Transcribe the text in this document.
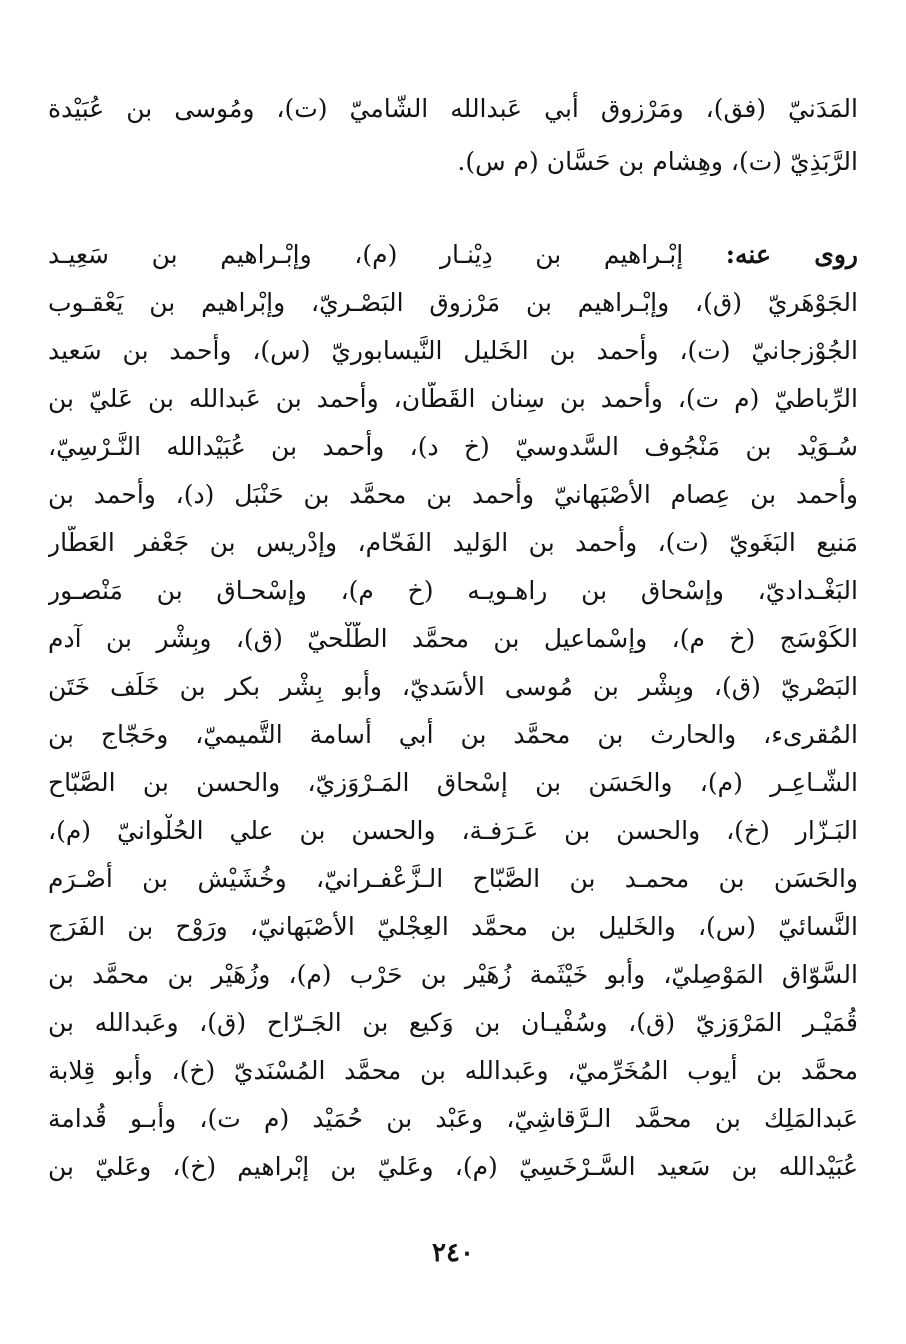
المَدَنيّ (فق)، ومَرْزوق أبي عَبدالله الشّاميّ (ت)، ومُوسى بن عُبَيْدة
الرَّبَذِيّ (ت)، وهِشام بن حَسَّان (م س).
روى عنه: إبْـراهيم بن دِيْنـار (م)، وإبْـراهيم بن سَعِيـد
الجَوْهَريّ (ق)، وإبْـراهيم بن مَرْزوق البَصْـريّ، وإبْراهيم بن يَعْقـوب
الجُوْزجانيّ (ت)، وأحمد بن الخَليل النَّيسابوريّ (س)، وأحمد بن سَعيد
الرِّباطيّ (م ت)، وأحمد بن سِنان القَطّان، وأحمد بن عَبدالله بن عَليّ بن
سُـوَيْد بن مَنْجُوف السَّدوسيّ (خ د)، وأحمد بن عُبَيْدالله النَّـرْسِيّ،
وأحمد بن عِصام الأَصْبَهانيّ وأحمد بن محمَّد بن حَنْبَل (د)، وأحمد بن
مَنيع البَغَويّ (ت)، وأحمد بن الوَليد الفَحّام، وإدْريس بن جَعْفر العَطّار
البَغْـداديّ، وإسْحاق بن راهـويـه (خ م)، وإسْحـاق بن مَنْصـور
الكَوْسَج (خ م)، وإسْماعيل بن محمَّد الطَّلْحيّ (ق)، وبِشْر بن آدم
البَصْريّ (ق)، وبِشْر بن مُوسى الأَسَديّ، وأبو بِشْر بكر بن خَلَف خَتَن
المُقرىء، والحارث بن محمَّد بن أبي أُسامة التَّميميّ، وحَجّاج بن
الشّـاعِـر (م)، والحَسَن بن إسْحاق المَـرْوَزيّ، والحسن بن الصَّبّاح
البَـزّار (خ)، والحسن بن عَـرَفـة، والحسن بن علي الحُلْوانيّ (م)،
والحَسَن بن محمـد بن الصَّبّاح الـزَّعْفـرانيّ، وخُشَيْش بن أَصْـرَم
النَّسائيّ (س)، والخَليل بن محمَّد العِجْليّ الأَصْبَهانيّ، ورَوْح بن الفَرَج
السَّوّاق المَوْصِليّ، وأبو خَيْثَمة زُهَيْر بن حَرْب (م)، وزُهَيْر بن محمَّد بن
قُمَيْـر المَرْوَزيّ (ق)، وسُفْيـان بن وَكيع بن الجَـرّاح (ق)، وعَبدالله بن
محمَّد بن أيوب المُخَرِّميّ، وعَبدالله بن محمَّد المُسْنَديّ (خ)، وأبو قِلابة
عَبدالمَلِك بن محمَّد الـرَّقاشِيّ، وعَبْد بن حُمَيْد (م ت)، وأبـو قُدامة
عُبَيْدالله بن سَعيد السَّـرْخَسِيّ (م)، وعَليّ بن إبْراهيم (خ)، وعَليّ بن
٢٤٠
